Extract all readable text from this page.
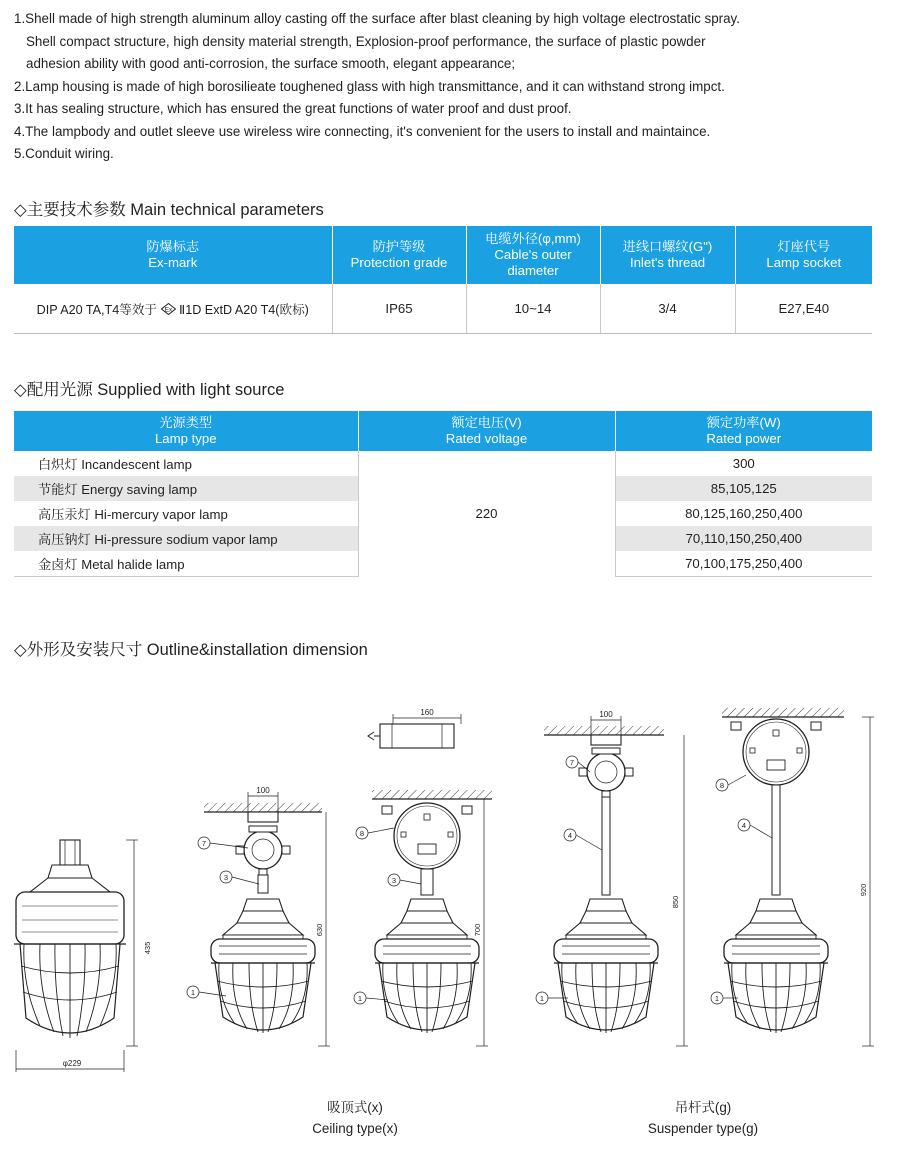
1.Shell made of high strength aluminum alloy casting off the surface after blast cleaning by high voltage electrostatic spray.
Shell compact structure, high density material strength, Explosion-proof performance, the surface of plastic powder
adhesion ability with good anti-corrosion, the surface smooth, elegant appearance;

2.Lamp housing is made of high borosilieate toughened glass with high transmittance, and it can withstand strong impct.

3.It has sealing structure, which has ensured the great functions of water proof and dust proof.

4.The lampbody and outlet sleeve use wireless wire connecting, it's convenient for the users to install and maintaince.

5.Conduit wiring.

◇主要技术参数 Main technical parameters
防爆标志
Ex-mark	防护等级
Protection grade	电缆外径(φ,mm)
Cable's outer
diameter	进线口螺纹(G")
Inlet's thread	灯座代号
Lamp socket

DIP A20 TA,T4等效于 Ex Ⅱ1D ExtD A20 T4(欧标)	IP65	10~14	3/4	E27,E40
◇配用光源 Supplied with light source
光源类型
Lamp type	额定电压(V)
Rated voltage	额定功率(W)
Rated power

白炽灯 Incandescent lamp	220	300
节能灯 Energy saving lamp		85,105,125
高压汞灯 Hi-mercury vapor lamp		80,125,160,250,400
高压钠灯 Hi-pressure sodium vapor lamp		70,110,150,250,400
金卤灯 Metal halide lamp		70,100,175,250,400
◇外形及安装尺寸 Outline&installation dimension
435
φ229
100
630
160
700
100
850
920
7
3
1
8
3
1
7
4
1
8
4
1
吸顶式(x)
Ceiling type(x)
吊杆式(g)
Suspender type(g)
